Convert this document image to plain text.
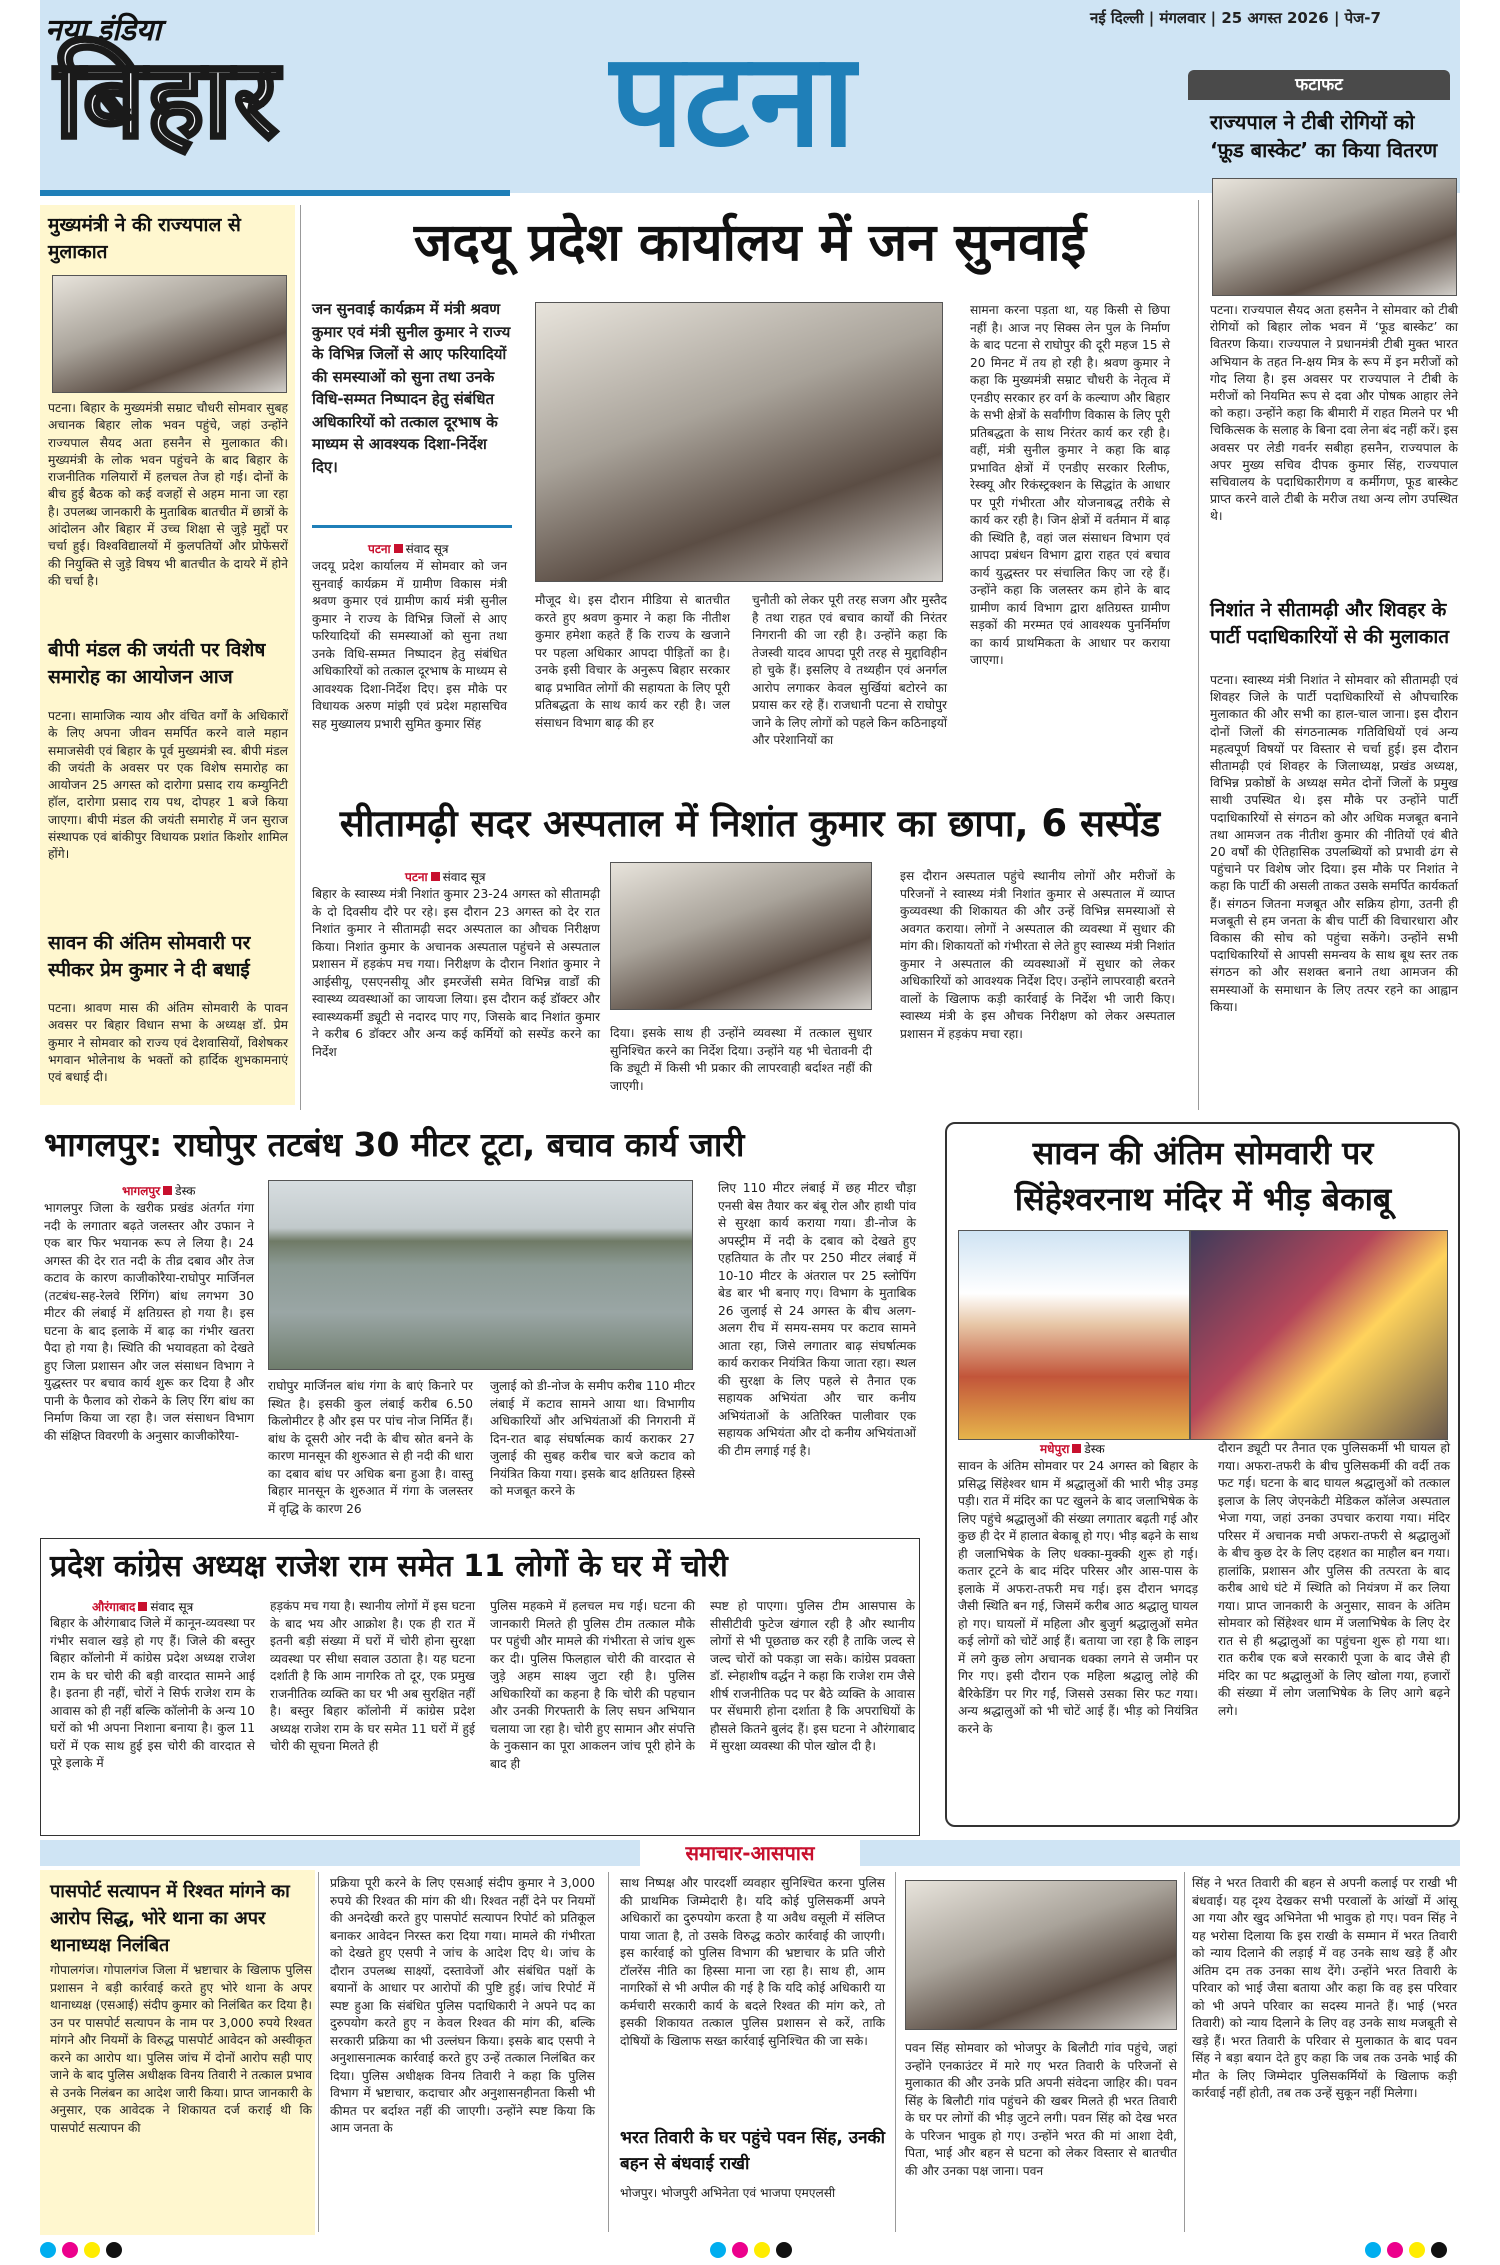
नया इंडिया
बिहार	पटना
नई दिल्ली | मंगलवार | 25 अगस्त 2026 | पेज-7
फटाफट
राज्यपाल ने टीबी रोगियों को ‘फ़ूड बास्केट’ का किया वितरण
पटना। राज्यपाल सैयद अता हसनैन ने सोमवार को टीबी रोगियों को बिहार लोक भवन में ‘फूड बास्केट’ का वितरण किया। राज्यपाल ने प्रधानमंत्री टीबी मुक्त भारत अभियान के तहत नि-क्षय मित्र के रूप में इन मरीजों को गोद लिया है। इस अवसर पर राज्यपाल ने टीबी के मरीजों को नियमित रूप से दवा और पोषक आहार लेने को कहा। उन्होंने कहा कि बीमारी में राहत मिलने पर भी चिकित्सक के सलाह के बिना दवा लेना बंद नहीं करें। इस अवसर पर लेडी गवर्नर सबीहा हसनैन, राज्यपाल के अपर मुख्य सचिव दीपक कुमार सिंह, राज्यपाल सचिवालय के पदाधिकारीगण व कर्मीगण, फूड बास्केट प्राप्त करने वाले टीबी के मरीज तथा अन्य लोग उपस्थित थे।
निशांत ने सीतामढ़ी और शिवहर के पार्टी पदाधिकारियों से की मुलाकात
पटना। स्वास्थ्य मंत्री निशांत ने सोमवार को सीतामढ़ी एवं शिवहर जिले के पार्टी पदाधिकारियों से औपचारिक मुलाकात की और सभी का हाल-चाल जाना। इस दौरान दोनों जिलों की संगठनात्मक गतिविधियों एवं अन्य महत्वपूर्ण विषयों पर विस्तार से चर्चा हुई। इस दौरान सीतामढ़ी एवं शिवहर के जिलाध्यक्ष, प्रखंड अध्यक्ष, विभिन्न प्रकोष्ठों के अध्यक्ष समेत दोनों जिलों के प्रमुख साथी उपस्थित थे। इस मौके पर उन्होंने पार्टी पदाधिकारियों से संगठन को और अधिक मजबूत बनाने तथा आमजन तक नीतीश कुमार की नीतियों एवं बीते 20 वर्षों की ऐतिहासिक उपलब्धियों को प्रभावी ढंग से पहुंचाने पर विशेष जोर दिया। इस मौके पर निशांत ने कहा कि पार्टी की असली ताकत उसके समर्पित कार्यकर्ता हैं। संगठन जितना मजबूत और सक्रिय होगा, उतनी ही मजबूती से हम जनता के बीच पार्टी की विचारधारा और विकास की सोच को पहुंचा सकेंगे। उन्होंने सभी पदाधिकारियों से आपसी समन्वय के साथ बूथ स्तर तक संगठन को और सशक्त बनाने तथा आमजन की समस्याओं के समाधान के लिए तत्पर रहने का आह्वान किया।
मुख्यमंत्री ने की राज्यपाल से मुलाकात
पटना। बिहार के मुख्यमंत्री सम्राट चौधरी सोमवार सुबह अचानक बिहार लोक भवन पहुंचे, जहां उन्होंने राज्यपाल सैयद अता हसनैन से मुलाकात की। मुख्यमंत्री के लोक भवन पहुंचने के बाद बिहार के राजनीतिक गलियारों में हलचल तेज हो गई। दोनों के बीच हुई बैठक को कई वजहों से अहम माना जा रहा है। उपलब्ध जानकारी के मुताबिक बातचीत में छात्रों के आंदोलन और बिहार में उच्च शिक्षा से जुड़े मुद्दों पर चर्चा हुई। विश्वविद्यालयों में कुलपतियों और प्रोफेसरों की नियुक्ति से जुड़े विषय भी बातचीत के दायरे में होने की चर्चा है।
बीपी मंडल की जयंती पर विशेष समारोह का आयोजन आज
पटना। सामाजिक न्याय और वंचित वर्गों के अधिकारों के लिए अपना जीवन समर्पित करने वाले महान समाजसेवी एवं बिहार के पूर्व मुख्यमंत्री स्व. बीपी मंडल की जयंती के अवसर पर एक विशेष समारोह का आयोजन 25 अगस्त को दारोगा प्रसाद राय कम्युनिटी हॉल, दारोगा प्रसाद राय पथ, दोपहर 1 बजे किया जाएगा। बीपी मंडल की जयंती समारोह में जन सुराज संस्थापक एवं बांकीपुर विधायक प्रशांत किशोर शामिल होंगे।
सावन की अंतिम सोमवारी पर स्पीकर प्रेम कुमार ने दी बधाई
पटना। श्रावण मास की अंतिम सोमवारी के पावन अवसर पर बिहार विधान सभा के अध्यक्ष डॉ. प्रेम कुमार ने सोमवार को राज्य एवं देशवासियों, विशेषकर भगवान भोलेनाथ के भक्तों को हार्दिक शुभकामनाएं एवं बधाई दी।
जदयू प्रदेश कार्यालय में जन सुनवाई
जन सुनवाई कार्यक्रम में मंत्री श्रवण कुमार एवं मंत्री सुनील कुमार ने राज्य के विभिन्न जिलों से आए फरियादियों की समस्याओं को सुना तथा उनके विधि-सम्मत निष्पादन हेतु संबंधित अधिकारियों को तत्काल दूरभाष के माध्यम से आवश्यक दिशा-निर्देश दिए।
पटना संवाद सूत्र
जदयू प्रदेश कार्यालय में सोमवार को जन सुनवाई कार्यक्रम में ग्रामीण विकास मंत्री श्रवण कुमार एवं ग्रामीण कार्य मंत्री सुनील कुमार ने राज्य के विभिन्न जिलों से आए फरियादियों की समस्याओं को सुना तथा उनके विधि-सम्मत निष्पादन हेतु संबंधित अधिकारियों को तत्काल दूरभाष के माध्यम से आवश्यक दिशा-निर्देश दिए। इस मौके पर विधायक अरुण मांझी एवं प्रदेश महासचिव सह मुख्यालय प्रभारी सुमित कुमार सिंह
मौजूद थे। इस दौरान मीडिया से बातचीत करते हुए श्रवण कुमार ने कहा कि नीतीश कुमार हमेशा कहते हैं कि राज्य के खजाने पर पहला अधिकार आपदा पीड़ितों का है। उनके इसी विचार के अनुरूप बिहार सरकार बाढ़ प्रभावित लोगों की सहायता के लिए पूरी प्रतिबद्धता के साथ कार्य कर रही है। जल संसाधन विभाग बाढ़ की हर
चुनौती को लेकर पूरी तरह सजग और मुस्तैद है तथा राहत एवं बचाव कार्यों की निरंतर निगरानी की जा रही है। उन्होंने कहा कि तेजस्वी यादव आपदा पूरी तरह से मुद्दाविहीन हो चुके हैं। इसलिए वे तथ्यहीन एवं अनर्गल आरोप लगाकर केवल सुर्खियां बटोरने का प्रयास कर रहे हैं। राजधानी पटना से राघोपुर जाने के लिए लोगों को पहले किन कठिनाइयों और परेशानियों का
सामना करना पड़ता था, यह किसी से छिपा नहीं है। आज नए सिक्स लेन पुल के निर्माण के बाद पटना से राघोपुर की दूरी महज 15 से 20 मिनट में तय हो रही है। श्रवण कुमार ने कहा कि मुख्यमंत्री सम्राट चौधरी के नेतृत्व में एनडीए सरकार हर वर्ग के कल्याण और बिहार के सभी क्षेत्रों के सर्वांगीण विकास के लिए पूरी प्रतिबद्धता के साथ निरंतर कार्य कर रही है। वहीं, मंत्री सुनील कुमार ने कहा कि बाढ़ प्रभावित क्षेत्रों में एनडीए सरकार रिलीफ, रेस्क्यू और रिकंस्ट्रक्शन के सिद्धांत के आधार पर पूरी गंभीरता और योजनाबद्ध तरीके से कार्य कर रही है। जिन क्षेत्रों में वर्तमान में बाढ़ की स्थिति है, वहां जल संसाधन विभाग एवं आपदा प्रबंधन विभाग द्वारा राहत एवं बचाव कार्य युद्धस्तर पर संचालित किए जा रहे हैं। उन्होंने कहा कि जलस्तर कम होने के बाद ग्रामीण कार्य विभाग द्वारा क्षतिग्रस्त ग्रामीण सड़कों की मरम्मत एवं आवश्यक पुनर्निर्माण का कार्य प्राथमिकता के आधार पर कराया जाएगा।
सीतामढ़ी सदर अस्पताल में निशांत कुमार का छापा, 6 सस्पेंड
पटना संवाद सूत्र
बिहार के स्वास्थ्य मंत्री निशांत कुमार 23-24 अगस्त को सीतामढ़ी के दो दिवसीय दौरे पर रहे। इस दौरान 23 अगस्त को देर रात निशांत कुमार ने सीतामढ़ी सदर अस्पताल का औचक निरीक्षण किया। निशांत कुमार के अचानक अस्पताल पहुंचने से अस्पताल प्रशासन में हड़कंप मच गया। निरीक्षण के दौरान निशांत कुमार ने आईसीयू, एसएनसीयू और इमरजेंसी समेत विभिन्न वार्डों की स्वास्थ्य व्यवस्थाओं का जायजा लिया। इस दौरान कई डॉक्टर और स्वास्थ्यकर्मी ड्यूटी से नदारद पाए गए, जिसके बाद निशांत कुमार ने करीब 6 डॉक्टर और अन्य कई कर्मियों को सस्पेंड करने का निर्देश
दिया। इसके साथ ही उन्होंने व्यवस्था में तत्काल सुधार सुनिश्चित करने का निर्देश दिया। उन्होंने यह भी चेतावनी दी कि ड्यूटी में किसी भी प्रकार की लापरवाही बर्दाश्त नहीं की जाएगी।
इस दौरान अस्पताल पहुंचे स्थानीय लोगों और मरीजों के परिजनों ने स्वास्थ्य मंत्री निशांत कुमार से अस्पताल में व्याप्त कुव्यवस्था की शिकायत की और उन्हें विभिन्न समस्याओं से अवगत कराया। लोगों ने अस्पताल की व्यवस्था में सुधार की मांग की। शिकायतों को गंभीरता से लेते हुए स्वास्थ्य मंत्री निशांत कुमार ने अस्पताल की व्यवस्थाओं में सुधार को लेकर अधिकारियों को आवश्यक निर्देश दिए। उन्होंने लापरवाही बरतने वालों के खिलाफ कड़ी कार्रवाई के निर्देश भी जारी किए। स्वास्थ्य मंत्री के इस औचक निरीक्षण को लेकर अस्पताल प्रशासन में हड़कंप मचा रहा।
भागलपुर: राघोपुर तटबंध 30 मीटर टूटा, बचाव कार्य जारी
भागलपुर डेस्क
भागलपुर जिला के खरीक प्रखंड अंतर्गत गंगा नदी के लगातार बढ़ते जलस्तर और उफान ने एक बार फिर भयानक रूप ले लिया है। 24 अगस्त की देर रात नदी के तीव्र दबाव और तेज कटाव के कारण काजीकोरैया-राघोपुर मार्जिनल (तटबंध-सह-रेलवे रिंगिंग) बांध लगभग 30 मीटर की लंबाई में क्षतिग्रस्त हो गया है। इस घटना के बाद इलाके में बाढ़ का गंभीर खतरा पैदा हो गया है। स्थिति की भयावहता को देखते हुए जिला प्रशासन और जल संसाधन विभाग ने युद्धस्तर पर बचाव कार्य शुरू कर दिया है और पानी के फैलाव को रोकने के लिए रिंग बांध का निर्माण किया जा रहा है। जल संसाधन विभाग की संक्षिप्त विवरणी के अनुसार काजीकोरैया-
राघोपुर मार्जिनल बांध गंगा के बाएं किनारे पर स्थित है। इसकी कुल लंबाई करीब 6.50 किलोमीटर है और इस पर पांच नोज निर्मित हैं। बांध के दूसरी ओर नदी के बीच स्रोत बनने के कारण मानसून की शुरुआत से ही नदी की धारा का दबाव बांध पर अधिक बना हुआ है। वास्तु बिहार मानसून के शुरुआत में गंगा के जलस्तर में वृद्धि के कारण 26
जुलाई को डी-नोज के समीप करीब 110 मीटर लंबाई में कटाव सामने आया था। विभागीय अधिकारियों और अभियंताओं की निगरानी में दिन-रात बाढ़ संघर्षात्मक कार्य कराकर 27 जुलाई की सुबह करीब चार बजे कटाव को नियंत्रित किया गया। इसके बाद क्षतिग्रस्त हिस्से को मजबूत करने के
लिए 110 मीटर लंबाई में छह मीटर चौड़ा एनसी बेस तैयार कर बंबू रोल और हाथी पांव से सुरक्षा कार्य कराया गया। डी-नोज के अपस्ट्रीम में नदी के दबाव को देखते हुए एहतियात के तौर पर 250 मीटर लंबाई में 10-10 मीटर के अंतराल पर 25 स्लोपिंग बेड बार भी बनाए गए। विभाग के मुताबिक 26 जुलाई से 24 अगस्त के बीच अलग-अलग रीच में समय-समय पर कटाव सामने आता रहा, जिसे लगातार बाढ़ संघर्षात्मक कार्य कराकर नियंत्रित किया जाता रहा। स्थल की सुरक्षा के लिए पहले से तैनात एक सहायक अभियंता और चार कनीय अभियंताओं के अतिरिक्त पालीवार एक सहायक अभियंता और दो कनीय अभियंताओं की टीम लगाई गई है।
सावन की अंतिम सोमवारी पर सिंहेश्वरनाथ मंदिर में भीड़ बेकाबू
मधेपुरा डेस्क
सावन के अंतिम सोमवार पर 24 अगस्त को बिहार के प्रसिद्ध सिंहेश्वर धाम में श्रद्धालुओं की भारी भीड़ उमड़ पड़ी। रात में मंदिर का पट खुलने के बाद जलाभिषेक के लिए पहुंचे श्रद्धालुओं की संख्या लगातार बढ़ती गई और कुछ ही देर में हालात बेकाबू हो गए। भीड़ बढ़ने के साथ ही जलाभिषेक के लिए धक्का-मुक्की शुरू हो गई। कतार टूटने के बाद मंदिर परिसर और आस-पास के इलाके में अफरा-तफरी मच गई। इस दौरान भगदड़ जैसी स्थिति बन गई, जिसमें करीब आठ श्रद्धालु घायल हो गए। घायलों में महिला और बुजुर्ग श्रद्धालुओं समेत कई लोगों को चोटें आई हैं। बताया जा रहा है कि लाइन में लगे कुछ लोग अचानक धक्का लगने से जमीन पर गिर गए। इसी दौरान एक महिला श्रद्धालु लोहे की बैरिकेडिंग पर गिर गईं, जिससे उसका सिर फट गया। अन्य श्रद्धालुओं को भी चोटें आई हैं। भीड़ को नियंत्रित करने के
दौरान ड्यूटी पर तैनात एक पुलिसकर्मी भी घायल हो गया। अफरा-तफरी के बीच पुलिसकर्मी की वर्दी तक फट गई। घटना के बाद घायल श्रद्धालुओं को तत्काल इलाज के लिए जेएनकेटी मेडिकल कॉलेज अस्पताल भेजा गया, जहां उनका उपचार कराया गया। मंदिर परिसर में अचानक मची अफरा-तफरी से श्रद्धालुओं के बीच कुछ देर के लिए दहशत का माहौल बन गया। हालांकि, प्रशासन और पुलिस की तत्परता के बाद करीब आधे घंटे में स्थिति को नियंत्रण में कर लिया गया। प्राप्त जानकारी के अनुसार, सावन के अंतिम सोमवार को सिंहेश्वर धाम में जलाभिषेक के लिए देर रात से ही श्रद्धालुओं का पहुंचना शुरू हो गया था। रात करीब एक बजे सरकारी पूजा के बाद जैसे ही मंदिर का पट श्रद्धालुओं के लिए खोला गया, हजारों की संख्या में लोग जलाभिषेक के लिए आगे बढ़ने लगे।
प्रदेश कांग्रेस अध्यक्ष राजेश राम समेत 11 लोगों के घर में चोरी
औरंगाबाद संवाद सूत्र
बिहार के औरंगाबाद जिले में कानून-व्यवस्था पर गंभीर सवाल खड़े हो गए हैं। जिले की बस्तुर बिहार कॉलोनी में कांग्रेस प्रदेश अध्यक्ष राजेश राम के घर चोरी की बड़ी वारदात सामने आई है। इतना ही नहीं, चोरों ने सिर्फ राजेश राम के आवास को ही नहीं बल्कि कॉलोनी के अन्य 10 घरों को भी अपना निशाना बनाया है। कुल 11 घरों में एक साथ हुई इस चोरी की वारदात से पूरे इलाके में
हड़कंप मच गया है। स्थानीय लोगों में इस घटना के बाद भय और आक्रोश है। एक ही रात में इतनी बड़ी संख्या में घरों में चोरी होना सुरक्षा व्यवस्था पर सीधा सवाल उठाता है। यह घटना दर्शाती है कि आम नागरिक तो दूर, एक प्रमुख राजनीतिक व्यक्ति का घर भी अब सुरक्षित नहीं है। बस्तुर बिहार कॉलोनी में कांग्रेस प्रदेश अध्यक्ष राजेश राम के घर समेत 11 घरों में हुई चोरी की सूचना मिलते ही
पुलिस महकमे में हलचल मच गई। घटना की जानकारी मिलते ही पुलिस टीम तत्काल मौके पर पहुंची और मामले की गंभीरता से जांच शुरू कर दी। पुलिस फिलहाल चोरी की वारदात से जुड़े अहम साक्ष्य जुटा रही है। पुलिस अधिकारियों का कहना है कि चोरी की पहचान और उनकी गिरफ्तारी के लिए सघन अभियान चलाया जा रहा है। चोरी हुए सामान और संपत्ति के नुकसान का पूरा आकलन जांच पूरी होने के बाद ही
स्पष्ट हो पाएगा। पुलिस टीम आसपास के सीसीटीवी फुटेज खंगाल रही है और स्थानीय लोगों से भी पूछताछ कर रही है ताकि जल्द से जल्द चोरों को पकड़ा जा सके। कांग्रेस प्रवक्ता डॉ. स्नेहाशीष वर्द्धन ने कहा कि राजेश राम जैसे शीर्ष राजनीतिक पद पर बैठे व्यक्ति के आवास पर सेंधमारी होना दर्शाता है कि अपराधियों के हौसले कितने बुलंद हैं। इस घटना ने औरंगाबाद में सुरक्षा व्यवस्था की पोल खोल दी है।
समाचार-आसपास
पासपोर्ट सत्यापन में रिश्वत मांगने का आरोप सिद्ध, भोरे थाना का अपर थानाध्यक्ष निलंबित
गोपालगंज। गोपालगंज जिला में भ्रष्टाचार के खिलाफ पुलिस प्रशासन ने बड़ी कार्रवाई करते हुए भोरे थाना के अपर थानाध्यक्ष (एसआई) संदीप कुमार को निलंबित कर दिया है। उन पर पासपोर्ट सत्यापन के नाम पर 3,000 रुपये रिश्वत मांगने और नियमों के विरुद्ध पासपोर्ट आवेदन को अस्वीकृत करने का आरोप था। पुलिस जांच में दोनों आरोप सही पाए जाने के बाद पुलिस अधीक्षक विनय तिवारी ने तत्काल प्रभाव से उनके निलंबन का आदेश जारी किया। प्राप्त जानकारी के अनुसार, एक आवेदक ने शिकायत दर्ज कराई थी कि पासपोर्ट सत्यापन की
प्रक्रिया पूरी करने के लिए एसआई संदीप कुमार ने 3,000 रुपये की रिश्वत की मांग की थी। रिश्वत नहीं देने पर नियमों की अनदेखी करते हुए पासपोर्ट सत्यापन रिपोर्ट को प्रतिकूल बनाकर आवेदन निरस्त करा दिया गया। मामले की गंभीरता को देखते हुए एसपी ने जांच के आदेश दिए थे। जांच के दौरान उपलब्ध साक्ष्यों, दस्तावेजों और संबंधित पक्षों के बयानों के आधार पर आरोपों की पुष्टि हुई। जांच रिपोर्ट में स्पष्ट हुआ कि संबंधित पुलिस पदाधिकारी ने अपने पद का दुरुपयोग करते हुए न केवल रिश्वत की मांग की, बल्कि सरकारी प्रक्रिया का भी उल्लंघन किया। इसके बाद एसपी ने अनुशासनात्मक कार्रवाई करते हुए उन्हें तत्काल निलंबित कर दिया। पुलिस अधीक्षक विनय तिवारी ने कहा कि पुलिस विभाग में भ्रष्टाचार, कदाचार और अनुशासनहीनता किसी भी कीमत पर बर्दाश्त नहीं की जाएगी। उन्होंने स्पष्ट किया कि आम जनता के
साथ निष्पक्ष और पारदर्शी व्यवहार सुनिश्चित करना पुलिस की प्राथमिक जिम्मेदारी है। यदि कोई पुलिसकर्मी अपने अधिकारों का दुरुपयोग करता है या अवैध वसूली में संलिप्त पाया जाता है, तो उसके विरुद्ध कठोर कार्रवाई की जाएगी। इस कार्रवाई को पुलिस विभाग की भ्रष्टाचार के प्रति जीरो टॉलरेंस नीति का हिस्सा माना जा रहा है। साथ ही, आम नागरिकों से भी अपील की गई है कि यदि कोई अधिकारी या कर्मचारी सरकारी कार्य के बदले रिश्वत की मांग करे, तो इसकी शिकायत तत्काल पुलिस प्रशासन से करें, ताकि दोषियों के खिलाफ सख्त कार्रवाई सुनिश्चित की जा सके।
भरत तिवारी के घर पहुंचे पवन सिंह, उनकी बहन से बंधवाई राखी
भोजपुर। भोजपुरी अभिनेता एवं भाजपा एमएलसी
पवन सिंह सोमवार को भोजपुर के बिलौटी गांव पहुंचे, जहां उन्होंने एनकाउंटर में मारे गए भरत तिवारी के परिजनों से मुलाकात की और उनके प्रति अपनी संवेदना जाहिर की। पवन सिंह के बिलौटी गांव पहुंचने की खबर मिलते ही भरत तिवारी के घर पर लोगों की भीड़ जुटने लगी। पवन सिंह को देख भरत के परिजन भावुक हो गए। उन्होंने भरत की मां आशा देवी, पिता, भाई और बहन से घटना को लेकर विस्तार से बातचीत की और उनका पक्ष जाना। पवन
सिंह ने भरत तिवारी की बहन से अपनी कलाई पर राखी भी बंधवाई। यह दृश्य देखकर सभी परवालों के आंखों में आंसू आ गया और खुद अभिनेता भी भावुक हो गए। पवन सिंह ने यह भरोसा दिलाया कि इस राखी के सम्मान में भरत तिवारी को न्याय दिलाने की लड़ाई में वह उनके साथ खड़े हैं और अंतिम दम तक उनका साथ देंगे। उन्होंने भरत तिवारी के परिवार को भाई जैसा बताया और कहा कि वह इस परिवार को भी अपने परिवार का सदस्य मानते हैं। भाई (भरत तिवारी) को न्याय दिलाने के लिए वह उनके साथ मजबूती से खड़े हैं। भरत तिवारी के परिवार से मुलाकात के बाद पवन सिंह ने बड़ा बयान देते हुए कहा कि जब तक उनके भाई की मौत के लिए जिम्मेदार पुलिसकर्मियों के खिलाफ कड़ी कार्रवाई नहीं होती, तब तक उन्हें सुकून नहीं मिलेगा।
